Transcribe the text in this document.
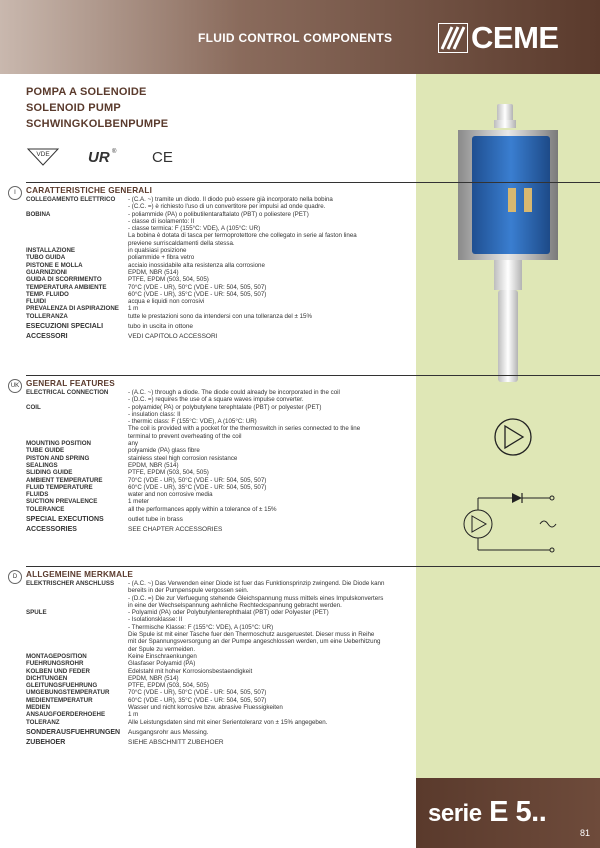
FLUID CONTROL COMPONENTS	CEME
POMPA A SOLENOIDE
SOLENOID PUMP
SCHWINGKOLBENPUMPE
VDE	UR ® CE
I	CARATTERISTICHE GENERALI
COLLEGAMENTO ELETTRICO	- (C.A. ~) tramite un diodo. Il diodo può essere già incorporato nella bobina
- (C.C. =) è richiesto l'uso di un convertitore per impulsi ad onde quadre.
BOBINA	- poliammide (PA) o polibutilentaraftalato (PBT) o poliestere (PET)
- classe di isolamento: II
- classe termica: F (155°C: VDE), A (105°C: UR)
La bobina è dotata di tasca per termoprotettore che collegato in serie al faston linea
previene surriscaldamenti della stessa.
INSTALLAZIONE	in qualsiasi posizione
TUBO GUIDA	poliammide + fibra vetro
PISTONE E MOLLA	acciaio inossidabile alta resistenza alla corrosione
GUARNIZIONI	EPDM, NBR (514)
GUIDA DI SCORRIMENTO	PTFE, EPDM (503, 504, 505)
TEMPERATURA AMBIENTE	70°C (VDE - UR), 50°C (VDE - UR: 504, 505, 507)
TEMP. FLUIDO	60°C (VDE - UR), 35°C (VDE - UR: 504, 505, 507)
FLUIDI	acqua e liquidi non corrosivi
PREVALENZA DI ASPIRAZIONE	1 m
TOLLERANZA	tutte le prestazioni sono da intendersi con una tolleranza del ± 15%
ESECUZIONI SPECIALI	tubo in uscita in ottone
ACCESSORI	VEDI CAPITOLO ACCESSORI
UK GENERAL FEATURES
ELECTRICAL CONNECTION	- (A.C. ~) through a diode. The diode could already be incorporated in the coil
- (D.C. =) requires the use of a square waves impulse converter.
COIL	- polyamide( PA) or polybutylene terephtalate (PBT) or polyester (PET)
- insulation class: II
- thermic class: F (155°C: VDE), A (105°C: UR)
The coil is provided with a pocket for the thermoswitch in series connected to the line
terminal to prevent overheating of the coil
MOUNTING POSITION	any
TUBE GUIDE	polyamide (PA) glass fibre
PISTON AND SPRING	stainless steel high corrosion resistance
SEALINGS	EPDM, NBR (514)
SLIDING GUIDE	PTFE, EPDM (503, 504, 505)
AMBIENT TEMPERATURE	70°C (VDE - UR), 50°C (VDE - UR: 504, 505, 507)
FLUID TEMPERATURE	60°C (VDE - UR), 35°C (VDE - UR: 504, 505, 507)
FLUIDS	water and non corrosive media
SUCTION PREVALENCE	1 meter
TOLERANCE	all the performances apply within a tolerance of ± 15%
SPECIAL EXECUTIONS	outlet tube in brass
ACCESSORIES	SEE CHAPTER ACCESSORIES
D	ALLGEMEINE MERKMALE
ELEKTRISCHER ANSCHLUSS	- (A.C. ~) Das Verwenden einer Diode ist fuer das Funktionsprinzip zwingend. Die Diode kann
bereits in der Pumpenspule vergossen sein.
- (D.C. =) Die zur Verfuegung stehende Gleichspannung muss mittels eines Impulskonverters
in eine der Wechselspannung aehnliche Rechteckspannung gebracht werden.
SPULE	- Polyamid (PA) oder Polybutylenterephthalat (PBT) oder Polyester (PET)
- Isolationsklasse: II
- Thermische Klasse: F (155°C: VDE), A (105°C: UR)
Die Spule ist mit einer Tasche fuer den Thermoschutz ausgeruestet. Dieser muss in Reihe
mit der Spannungsversorgung an der Pumpe angeschlossen werden, um eine Ueberhitzung
der Spule zu vermeiden.
MONTAGEPOSITION	Keine Einschraenkungen
FUEHRUNGSROHR	Glasfaser Polyamid (PA)
KOLBEN UND FEDER	Edelstahl mit hoher Korrosionsbestaendigkeit
DICHTUNGEN	EPDM, NBR (514)
GLEITUNGSFUEHRUNG	PTFE, EPDM (503, 504, 505)
UMGEBUNGSTEMPERATUR	70°C (VDE - UR), 50°C (VDE - UR: 504, 505, 507)
MEDIENTEMPERATUR	60°C (VDE - UR), 35°C (VDE - UR: 504, 505, 507)
MEDIEN	Wasser und nicht korrosive bzw. abrasive Fluessigkeiten
ANSAUGFOERDERHOEHE	1 m
TOLERANZ	Alle Leistungsdaten sind mit einer Serientoleranz von ± 15% angegeben.
SONDERAUSFUEHRUNGEN	Ausgangsrohr aus Messing.
ZUBEHOER	SIEHE ABSCHNITT ZUBEHOER
serie E 5..
81
